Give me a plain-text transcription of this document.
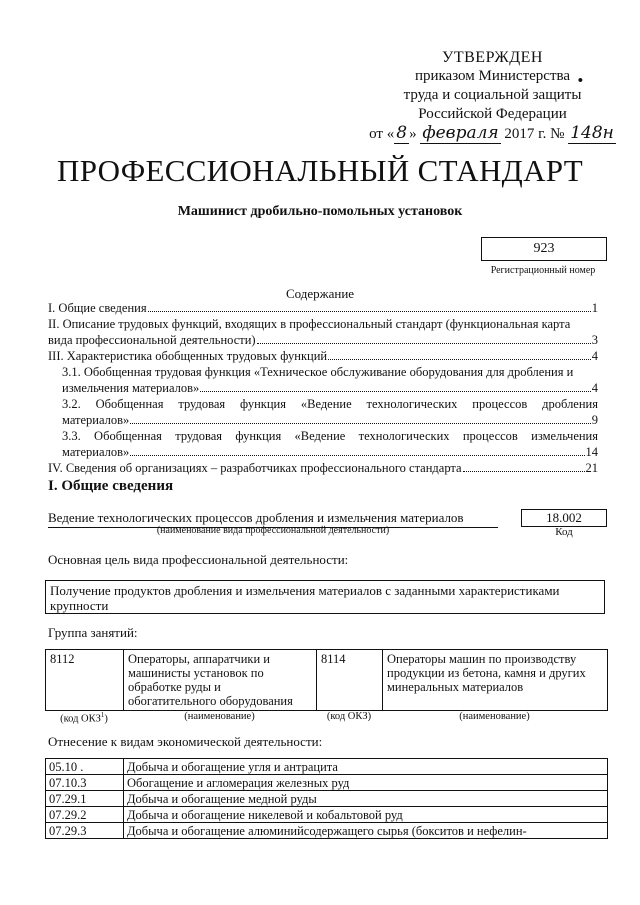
УТВЕРЖДЕН
приказом Министерства •
труда и социальной защиты
Российской Федерации
от « 8 » февраля 2017 г. № 148н
ПРОФЕССИОНАЛЬНЫЙ СТАНДАРТ
Машинист дробильно-помольных установок
923
Регистрационный номер
Содержание
I. Общие сведения	1
II. Описание трудовых функций, входящих в профессиональный стандарт (функциональная карта
вида профессиональной деятельности)	3
III. Характеристика обобщенных трудовых функций	4
3.1. Обобщенная трудовая функция «Техническое обслуживание оборудования для дробления и
измельчения материалов»	4
3.2. Обобщенная трудовая функция «Ведение технологических процессов дробления
материалов»	9
3.3. Обобщенная трудовая функция «Ведение технологических процессов измельчения
материалов»	14
IV. Сведения об организациях – разработчиках профессионального стандарта	21
I. Общие сведения
Ведение технологических процессов дробления и измельчения материалов
(наименование вида профессиональной деятельности)
18.002
Код
Основная цель вида профессиональной деятельности:
Получение продуктов дробления и измельчения материалов с заданными характеристиками крупности
Группа занятий:
8112	Операторы, аппаратчики и машинисты установок по обработке руды и обогатительного оборудования	8114	Операторы машин по производству продукции из бетона, камня и других минеральных материалов
(код ОКЗ$^1$)	(наименование)	(код ОКЗ)	(наименование)
Отнесение к видам экономической деятельности:
05.10 .	Добыча и обогащение угля и антрацита
07.10.3	Обогащение и агломерация железных руд
07.29.1	Добыча и обогащение медной руды
07.29.2	Добыча и обогащение никелевой и кобальтовой руд
07.29.3	Добыча и обогащение алюминийсодержащего сырья (бокситов и нефелин-
